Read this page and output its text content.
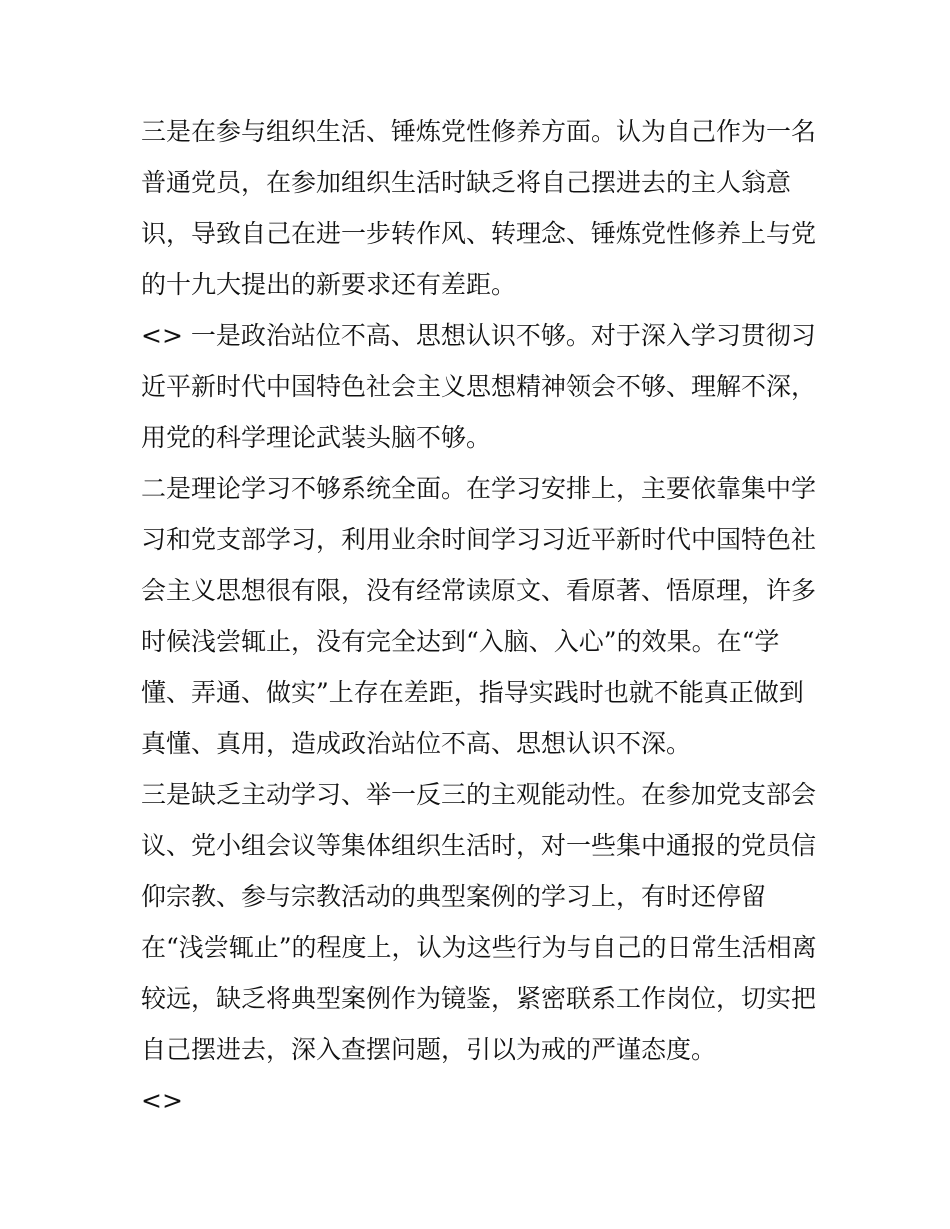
三是在参与组织生活、锤炼党性修养方面。认为自己作为一名
普通党员，在参加组织生活时缺乏将自己摆进去的主人翁意
识，导致自己在进一步转作风、转理念、锤炼党性修养上与党
的十九大提出的新要求还有差距。
<> 一是政治站位不高、思想认识不够。对于深入学习贯彻习
近平新时代中国特色社会主义思想精神领会不够、理解不深，
用党的科学理论武装头脑不够。
二是理论学习不够系统全面。在学习安排上，主要依靠集中学
习和党支部学习，利用业余时间学习习近平新时代中国特色社
会主义思想很有限，没有经常读原文、看原著、悟原理，许多
时候浅尝辄止，没有完全达到“入脑、入心”的效果。在“学
懂、弄通、做实”上存在差距，指导实践时也就不能真正做到
真懂、真用，造成政治站位不高、思想认识不深。
三是缺乏主动学习、举一反三的主观能动性。在参加党支部会
议、党小组会议等集体组织生活时，对一些集中通报的党员信
仰宗教、参与宗教活动的典型案例的学习上，有时还停留
在“浅尝辄止”的程度上，认为这些行为与自己的日常生活相离
较远，缺乏将典型案例作为镜鉴，紧密联系工作岗位，切实把
自己摆进去，深入查摆问题，引以为戒的严谨态度。
<>
